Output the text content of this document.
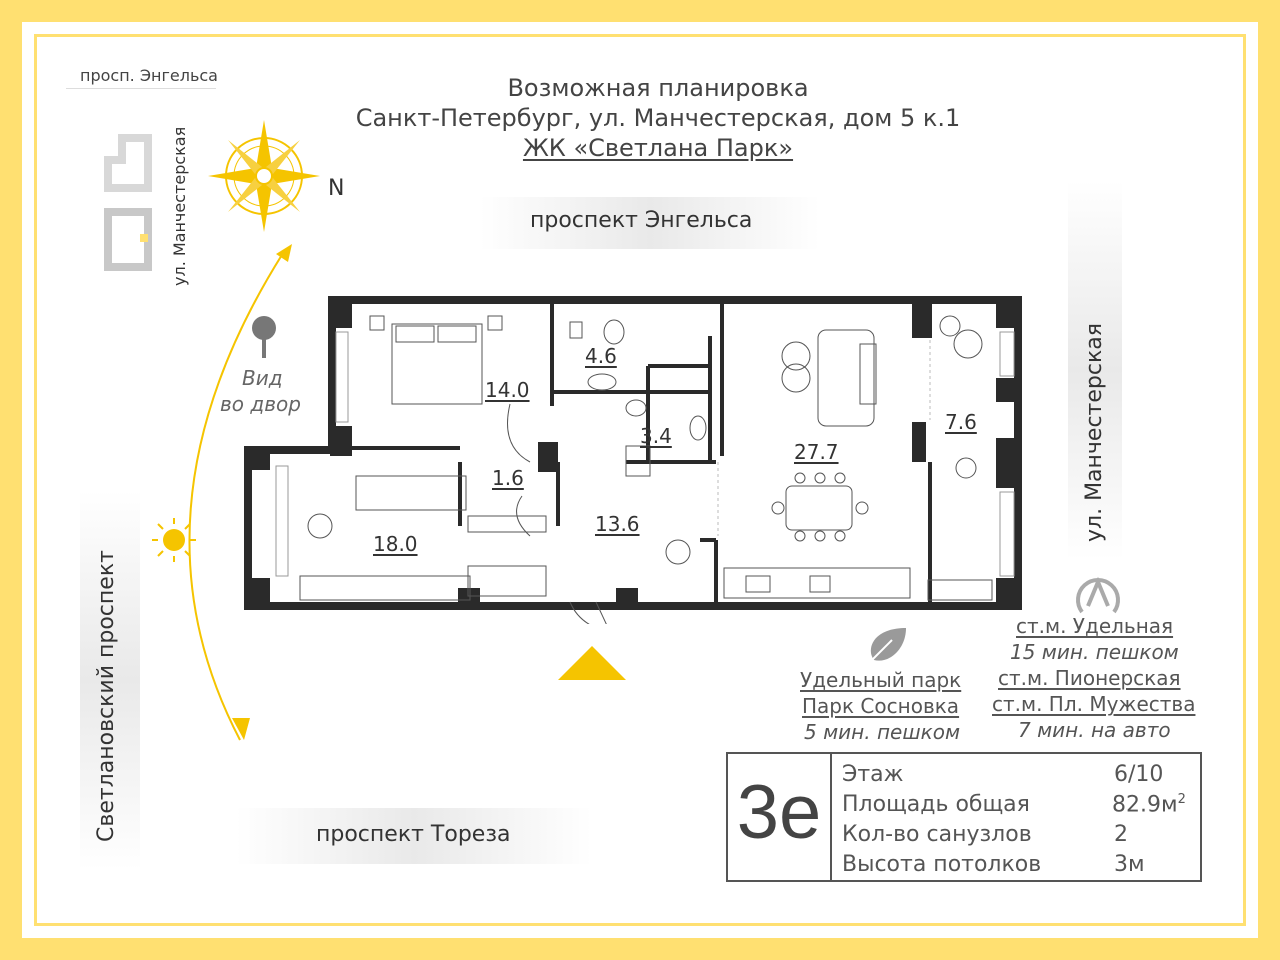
Возможная планировка
Санкт-Петербург, ул. Манчестерская, дом 5 к.1
ЖК «Светлана Парк»
просп. Энгельса
ул. Манчестерская	N
проспект Энгельса
ул. Манчестерская
Светлановский проспект	проспект Тореза
Вид
во двор
14.0
4.6
3.4
1.6
18.0
13.6
27.7
7.6
Удельный парк
Парк Сосновка
5 мин. пешком
ст.м. Удельная
15 мин. пешком
ст.м. Пионерская
ст.м. Пл. Мужества
7 мин. на авто
3е Этаж	6/10
Площадь общая	$82.9м^2$
Кол-во санузлов	2
Высота потолков	3м
